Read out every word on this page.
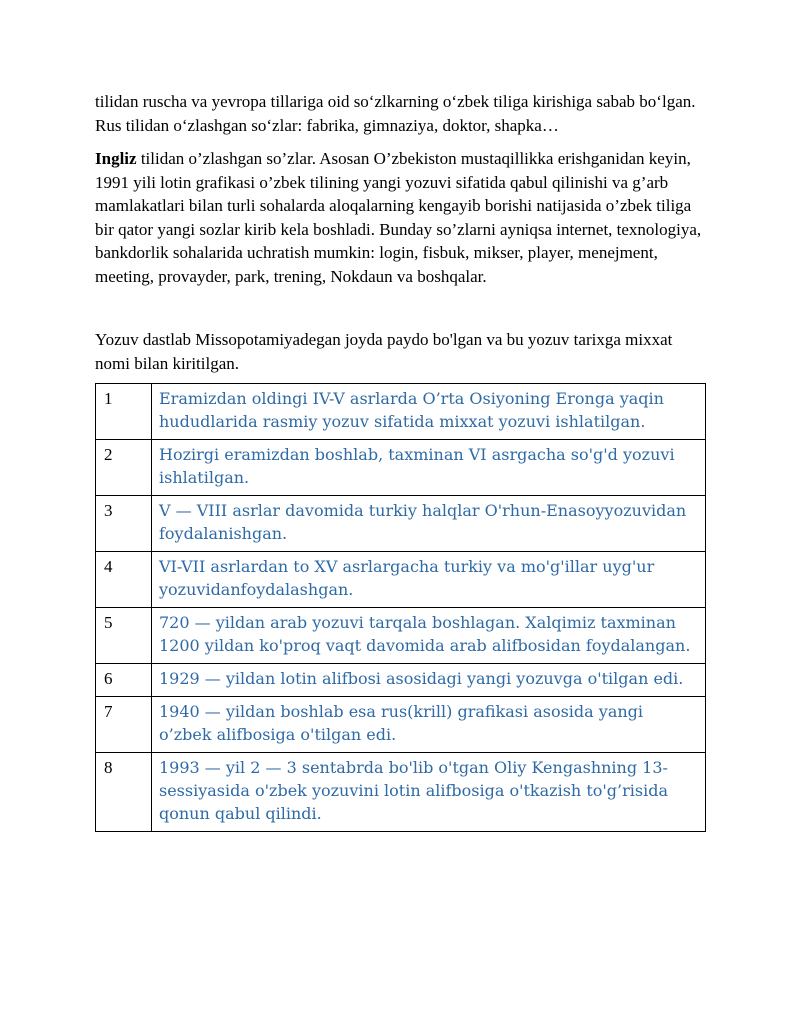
tilidan ruscha va yevropa tillariga oid so‘zlkarning o‘zbek tiliga kirishiga sabab bo‘lgan. Rus tilidan o‘zlashgan so‘zlar: fabrika, gimnaziya, doktor, shapka…

Ingliz tilidan o’zlashgan so’zlar. Asosan O’zbekiston mustaqillikka erishganidan keyin, 1991 yili lotin grafikasi o’zbek tilining yangi yozuvi sifatida qabul qilinishi va g’arb mamlakatlari bilan turli sohalarda aloqalarning kengayib borishi natijasida o’zbek tiliga bir qator yangi sozlar kirib kela boshladi. Bunday so’zlarni ayniqsa internet, texnologiya, bankdorlik sohalarida uchratish mumkin: login, fisbuk, mikser, player, menejment, meeting, provayder, park, trening, Nokdaun va boshqalar.

Yozuv dastlab Missopotamiyadegan joyda paydo bo'lgan va bu yozuv tarixga mixxat nomi bilan kiritilgan.

1	Eramizdan oldingi IV-V asrlarda O’rta Osiyoning Eronga yaqin hududlarida rasmiy yozuv sifatida mixxat yozuvi ishlatilgan.
2	Hozirgi eramizdan boshlab, taxminan VI asrgacha so'g'd yozuvi ishlatilgan.
3	V — VIII asrlar davomida turkiy halqlar O'rhun-Enasoyyozuvidan foydalanishgan.
4	VI-VII asrlardan to XV asrlargacha turkiy va mo'g'illar uyg'ur yozuvidanfoydalashgan.
5	720 — yildan arab yozuvi tarqala boshlagan. Xalqimiz taxminan 1200 yildan ko'proq vaqt davomida arab alifbosidan foydalangan.
6	1929 — yildan lotin alifbosi asosidagi yangi yozuvga o'tilgan edi.
7	1940 — yildan boshlab esa rus(krill) grafikasi asosida yangi o’zbek alifbosiga o'tilgan edi.
8	1993 — yil 2 — 3 sentabrda bo'lib o'tgan Oliy Kengashning 13-sessiyasida o'zbek yozuvini lotin alifbosiga o'tkazish to'g’risida qonun qabul qilindi.
